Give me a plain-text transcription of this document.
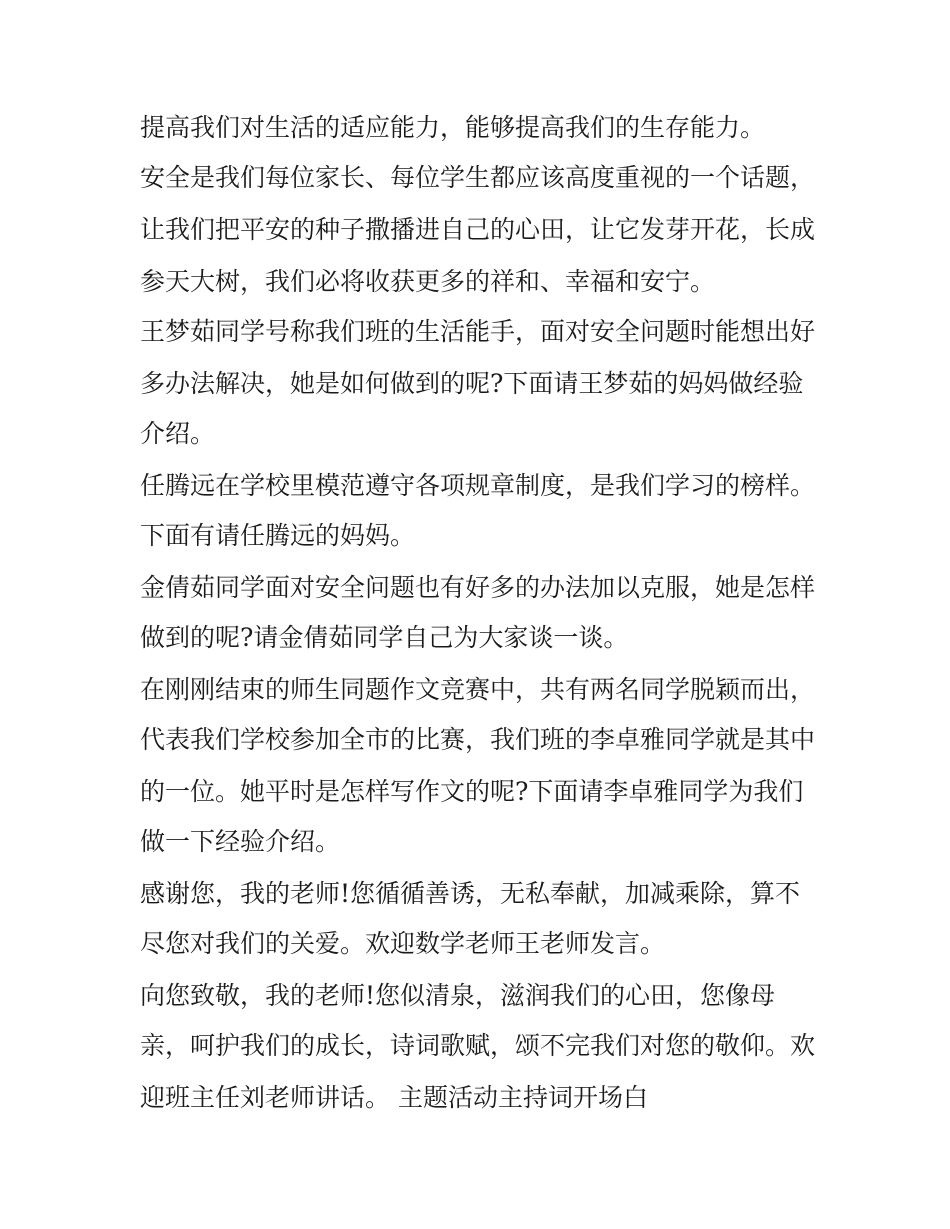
提高我们对生活的适应能力，能够提高我们的生存能力。
安全是我们每位家长、每位学生都应该高度重视的一个话题，
让我们把平安的种子撒播进自己的心田，让它发芽开花，长成
参天大树，我们必将收获更多的祥和、幸福和安宁。
王梦茹同学号称我们班的生活能手，面对安全问题时能想出好
多办法解决，她是如何做到的呢?下面请王梦茹的妈妈做经验
介绍。
任腾远在学校里模范遵守各项规章制度，是我们学习的榜样。
下面有请任腾远的妈妈。
金倩茹同学面对安全问题也有好多的办法加以克服，她是怎样
做到的呢?请金倩茹同学自己为大家谈一谈。
在刚刚结束的师生同题作文竞赛中，共有两名同学脱颖而出，
代表我们学校参加全市的比赛，我们班的李卓雅同学就是其中
的一位。她平时是怎样写作文的呢?下面请李卓雅同学为我们
做一下经验介绍。
感谢您，我的老师!您循循善诱，无私奉献，加减乘除，算不
尽您对我们的关爱。欢迎数学老师王老师发言。
向您致敬，我的老师!您似清泉，滋润我们的心田，您像母
亲，呵护我们的成长，诗词歌赋，颂不完我们对您的敬仰。欢
迎班主任刘老师讲话。 主题活动主持词开场白
